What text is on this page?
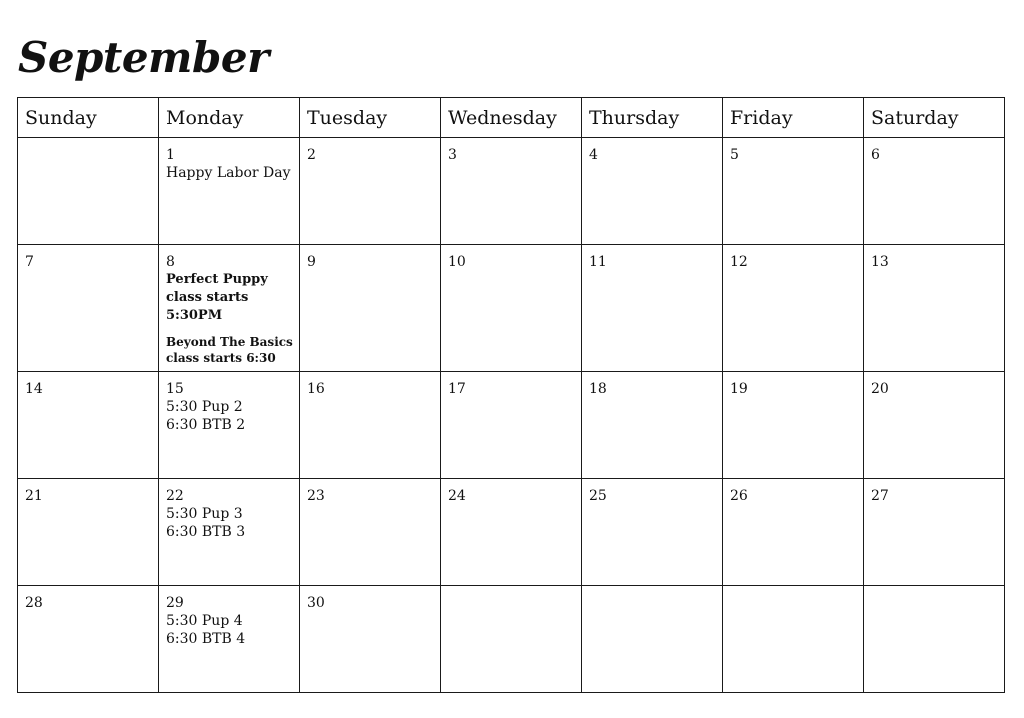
September
Sunday	Monday	Tuesday	Wednesday	Thursday	Friday	Saturday

	1
Happy Labor Day	2	3	4	5	6

7	8
Perfect Puppy class starts 5:30PM
Beyond The Basics class starts 6:30	9	10	11	12	13

14	15
5:30 Pup 2
6:30 BTB 2	16	17	18	19	20

21	22
5:30 Pup 3
6:30 BTB 3	23	24	25	26	27

28	29
5:30 Pup 4
6:30 BTB 4	30				
